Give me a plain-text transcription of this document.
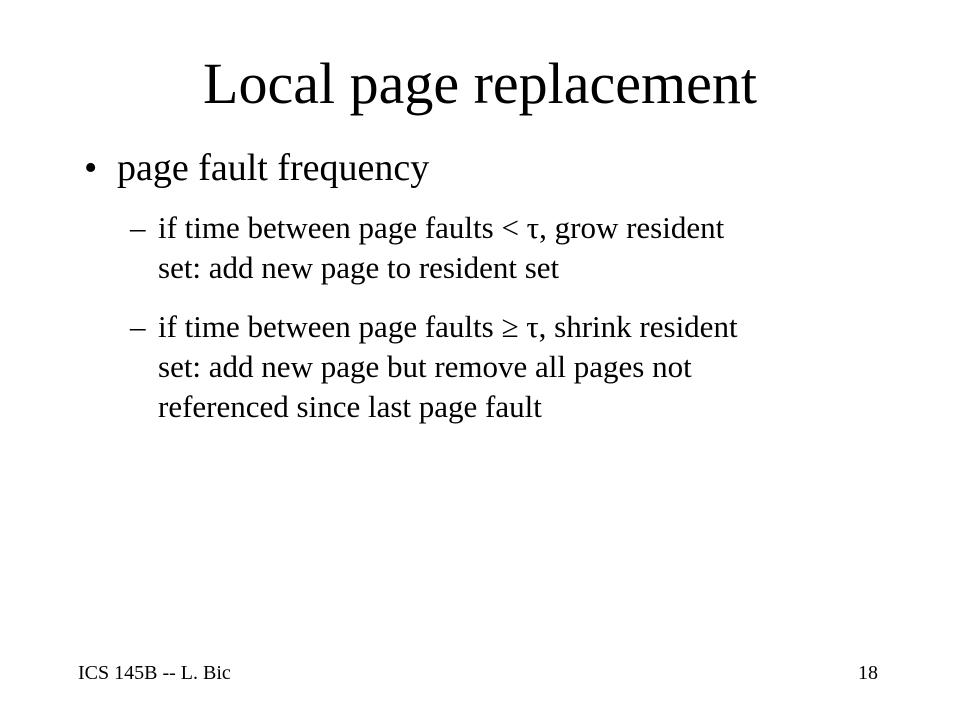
Local page replacement
• page fault frequency
– if time between page faults < τ, grow resident
set: add new page to resident set
– if time between page faults ≥ τ, shrink resident
set: add new page but remove all pages not
referenced since last page fault
ICS 145B -- L. Bic	18
